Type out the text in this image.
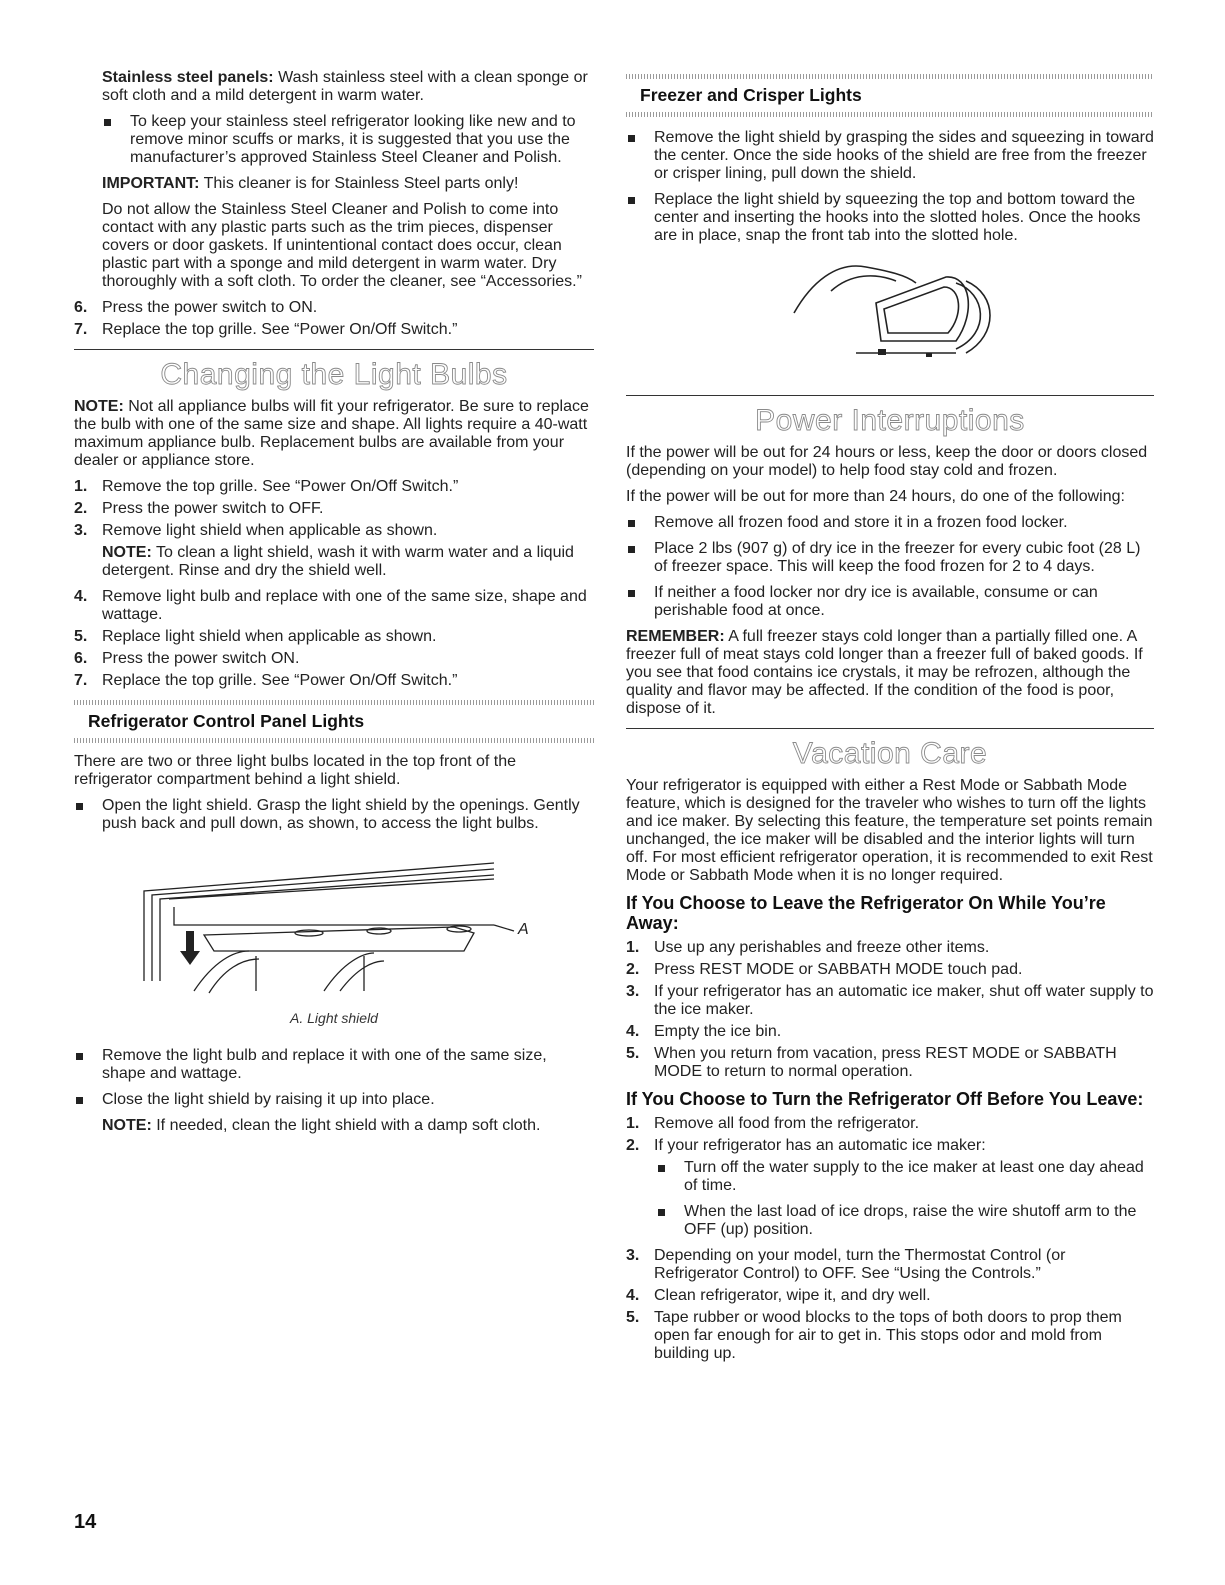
Stainless steel panels: Wash stainless steel with a clean sponge or soft cloth and a mild detergent in warm water.

To keep your stainless steel refrigerator looking like new and to remove minor scuffs or marks, it is suggested that you use the manufacturer’s approved Stainless Steel Cleaner and Polish.

IMPORTANT: This cleaner is for Stainless Steel parts only!

Do not allow the Stainless Steel Cleaner and Polish to come into contact with any plastic parts such as the trim pieces, dispenser covers or door gaskets. If unintentional contact does occur, clean plastic part with a sponge and mild detergent in warm water. Dry thoroughly with a soft cloth. To order the cleaner, see “Accessories.”

6. Press the power switch to ON.
7. Replace the top grille. See “Power On/Off Switch.”
Changing the Light Bulbs

NOTE: Not all appliance bulbs will fit your refrigerator. Be sure to replace the bulb with one of the same size and shape. All lights require a 40-watt maximum appliance bulb. Replacement bulbs are available from your dealer or appliance store.

1. Remove the top grille. See “Power On/Off Switch.”
2. Press the power switch to OFF.
3. Remove light shield when applicable as shown.

NOTE: To clean a light shield, wash it with warm water and a liquid detergent. Rinse and dry the shield well.

4. Remove light bulb and replace with one of the same size, shape and wattage.
5. Replace light shield when applicable as shown.
6. Press the power switch ON.
7. Replace the top grille. See “Power On/Off Switch.”
Refrigerator Control Panel Lights

There are two or three light bulbs located in the top front of the refrigerator compartment behind a light shield.

Open the light shield. Grasp the light shield by the openings. Gently push back and pull down, as shown, to access the light bulbs.
A
A. Light shield
Remove the light bulb and replace it with one of the same size, shape and wattage.
Close the light shield by raising it up into place.

NOTE: If needed, clean the light shield with a damp soft cloth.

14
Freezer and Crisper Lights
Remove the light shield by grasping the sides and squeezing in toward the center. Once the side hooks of the shield are free from the freezer or crisper lining, pull down the shield.
Replace the light shield by squeezing the top and bottom toward the center and inserting the hooks into the slotted holes. Once the hooks are in place, snap the front tab into the slotted hole.
Power Interruptions

If the power will be out for 24 hours or less, keep the door or doors closed (depending on your model) to help food stay cold and frozen.

If the power will be out for more than 24 hours, do one of the following:

Remove all frozen food and store it in a frozen food locker.
Place 2 lbs (907 g) of dry ice in the freezer for every cubic foot (28 L) of freezer space. This will keep the food frozen for 2 to 4 days.
If neither a food locker nor dry ice is available, consume or can perishable food at once.

REMEMBER: A full freezer stays cold longer than a partially filled one. A freezer full of meat stays cold longer than a freezer full of baked goods. If you see that food contains ice crystals, it may be refrozen, although the quality and flavor may be affected. If the condition of the food is poor, dispose of it.

Vacation Care

Your refrigerator is equipped with either a Rest Mode or Sabbath Mode feature, which is designed for the traveler who wishes to turn off the lights and ice maker. By selecting this feature, the temperature set points remain unchanged, the ice maker will be disabled and the interior lights will turn off. For most efficient refrigerator operation, it is recommended to exit Rest Mode or Sabbath Mode when it is no longer required.

If You Choose to Leave the Refrigerator On While You’re Away:
1. Use up any perishables and freeze other items.
2. Press REST MODE or SABBATH MODE touch pad.
3. If your refrigerator has an automatic ice maker, shut off water supply to the ice maker.
4. Empty the ice bin.
5. When you return from vacation, press REST MODE or SABBATH MODE to return to normal operation.
If You Choose to Turn the Refrigerator Off Before You Leave:
1. Remove all food from the refrigerator.
2. If your refrigerator has an automatic ice maker:
Turn off the water supply to the ice maker at least one day ahead of time.
When the last load of ice drops, raise the wire shutoff arm to the OFF (up) position.
3. Depending on your model, turn the Thermostat Control (or Refrigerator Control) to OFF. See “Using the Controls.”
4. Clean refrigerator, wipe it, and dry well.
5. Tape rubber or wood blocks to the tops of both doors to prop them open far enough for air to get in. This stops odor and mold from building up.
